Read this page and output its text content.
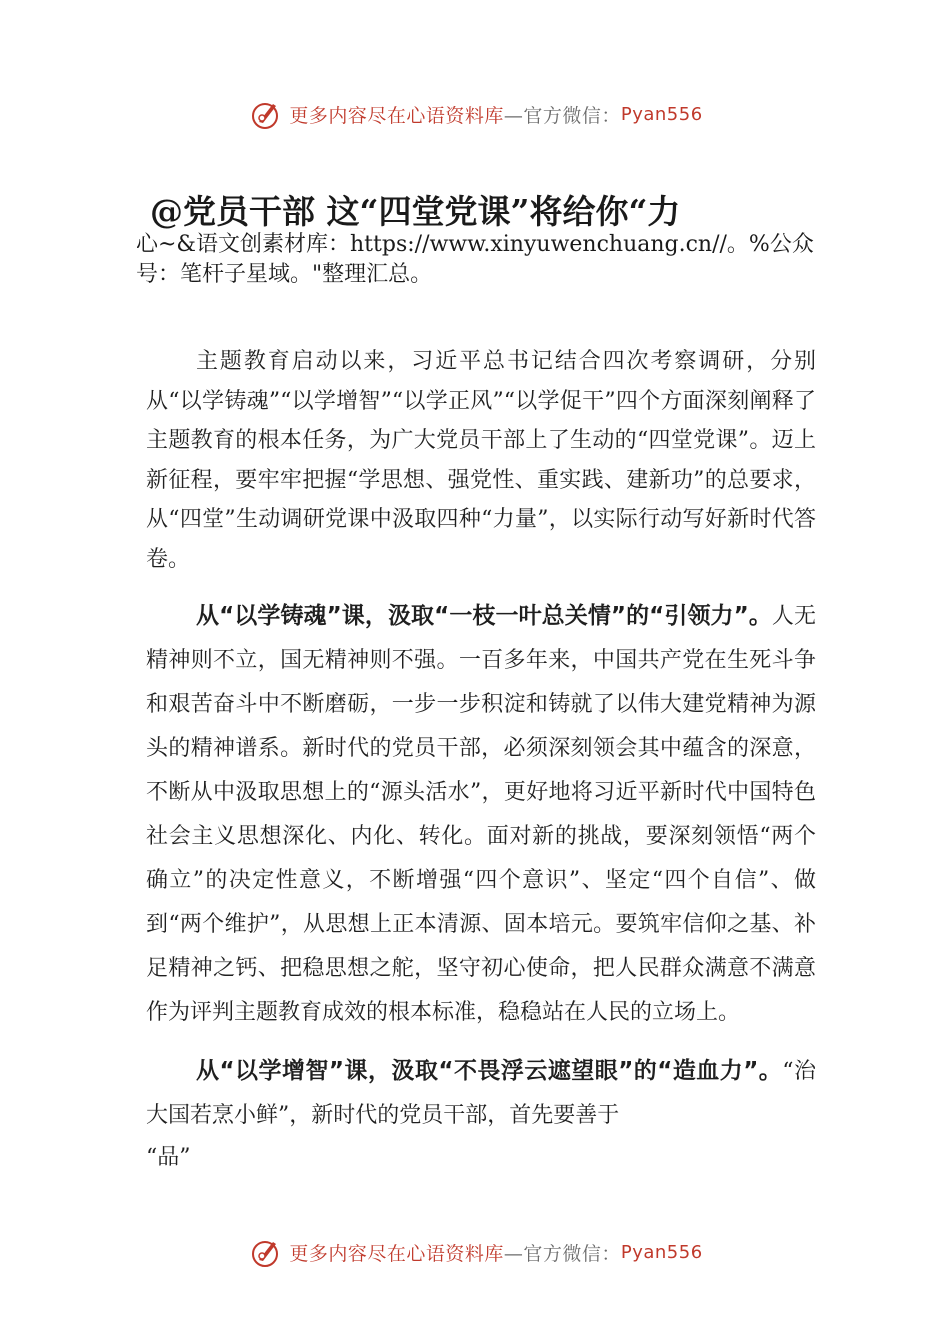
更多内容尽在心语资料库 —官方微信： Pyan556
@党员干部 这“四堂党课”将给你“力
心~&语文创素材库：https://www.xinyuwenchuang.cn//。%公众号：笔杆子星域。"整理汇总。

主题教育启动以来，习近平总书记结合四次考察调研，分别从“以学铸魂”“以学增智”“以学正风”“以学促干”四个方面深刻阐释了主题教育的根本任务，为广大党员干部上了生动的“四堂党课”。迈上新征程，要牢牢把握“学思想、强党性、重实践、建新功”的总要求，从“四堂”生动调研党课中汲取四种“力量”，以实际行动写好新时代答卷。

从“以学铸魂”课，汲取“一枝一叶总关情”的“引领力”。人无精神则不立，国无精神则不强。一百多年来，中国共产党在生死斗争和艰苦奋斗中不断磨砺，一步一步积淀和铸就了以伟大建党精神为源头的精神谱系。新时代的党员干部，必须深刻领会其中蕴含的深意，不断从中汲取思想上的“源头活水”，更好地将习近平新时代中国特色社会主义思想深化、内化、转化。面对新的挑战，要深刻领悟“两个确立”的决定性意义，不断增强“四个意识”、坚定“四个自信”、做到“两个维护”，从思想上正本清源、固本培元。要筑牢信仰之基、补足精神之钙、把稳思想之舵，坚守初心使命，把人民群众满意不满意作为评判主题教育成效的根本标准，稳稳站在人民的立场上。

从“以学增智”课，汲取“不畏浮云遮望眼”的“造血力”。“治大国若烹小鲜”，新时代的党员干部，首先要善于

“品”

更多内容尽在心语资料库 —官方微信： Pyan556
